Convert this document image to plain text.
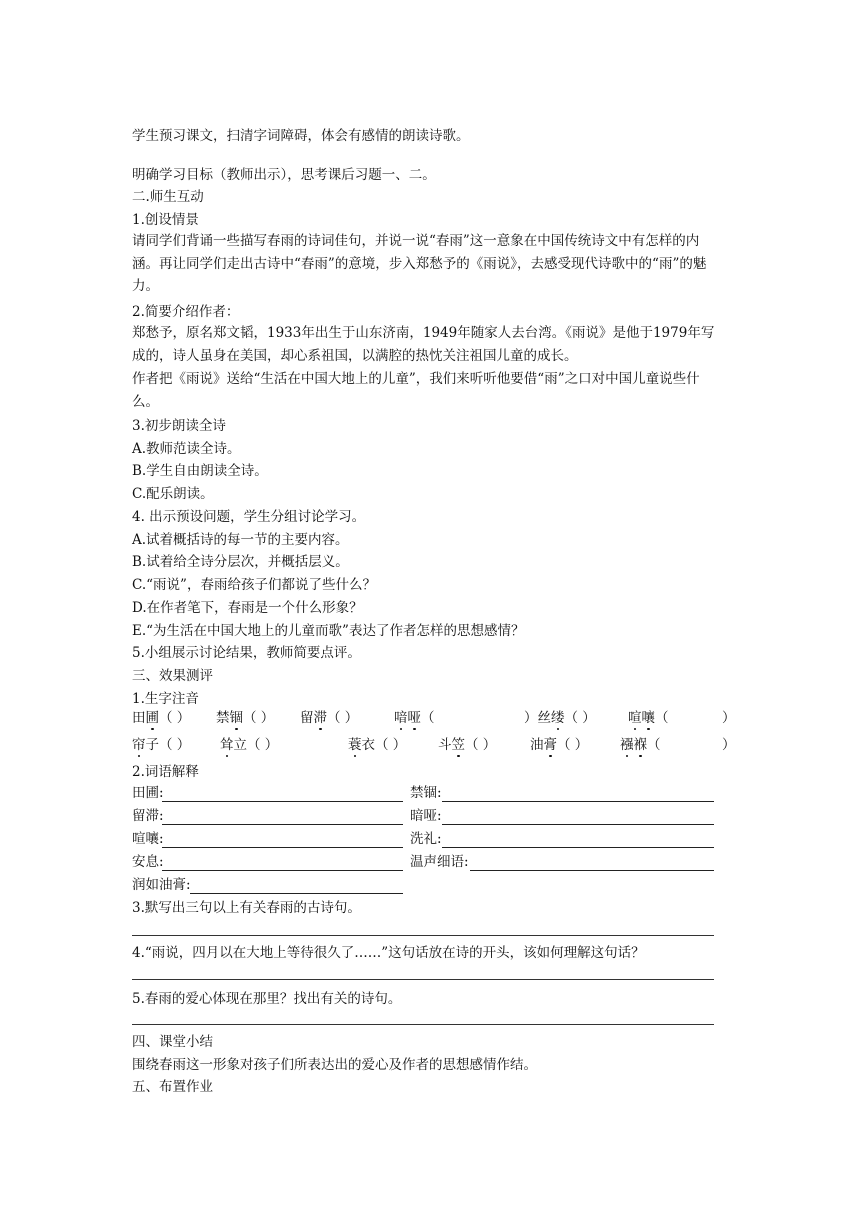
学生预习课文，扫清字词障碍，体会有感情的朗读诗歌。
明确学习目标（教师出示），思考课后习题一、二。
二.师生互动
1.创设情景
请同学们背诵一些描写春雨的诗词佳句，并说一说“春雨”这一意象在中国传统诗文中有怎样的内涵。再让同学们走出古诗中“春雨”的意境，步入郑愁予的《雨说》，去感受现代诗歌中的“雨”的魅力。
2.简要介绍作者：
郑愁予，原名郑文韬，1933年出生于山东济南，1949年随家人去台湾。《雨说》是他于1979年写成的，诗人虽身在美国，却心系祖国，以满腔的热忱关注祖国儿童的成长。
作者把《雨说》送给“生活在中国大地上的儿童”，我们来听听他要借“雨”之口对中国儿童说些什么。
3.初步朗读全诗
A.教师范读全诗。
B.学生自由朗读全诗。
C.配乐朗读。
4. 出示预设问题，学生分组讨论学习。
A.试着概括诗的每一节的主要内容。
B.试着给全诗分层次，并概括层义。
C.“雨说”，春雨给孩子们都说了些什么？
D.在作者笔下，春雨是一个什么形象？
E.“为生活在中国大地上的儿童而歌”表达了作者怎样的思想感情？
5.小组展示讨论结果，教师简要点评。
三、效果测评
1.生字注音
田圃（ ） 禁锢（ ） 留滞（ ）	喑哑（	）丝缕（ ） 喧嚷（	）
帘子（ ） 耸立（ ）	蓑衣（ ） 斗笠（ ） 油膏（ ） 襁褓（	）
2.词语解释
田圃:	禁锢:
留滞:	暗哑:
喧嚷:	洗礼:
安息:	温声细语:
润如油膏:
3.默写出三句以上有关春雨的古诗句。
4.“雨说，四月以在大地上等待很久了……”这句话放在诗的开头，该如何理解这句话？
5.春雨的爱心体现在那里？找出有关的诗句。
四、课堂小结
围绕春雨这一形象对孩子们所表达出的爱心及作者的思想感情作结。
五、布置作业
